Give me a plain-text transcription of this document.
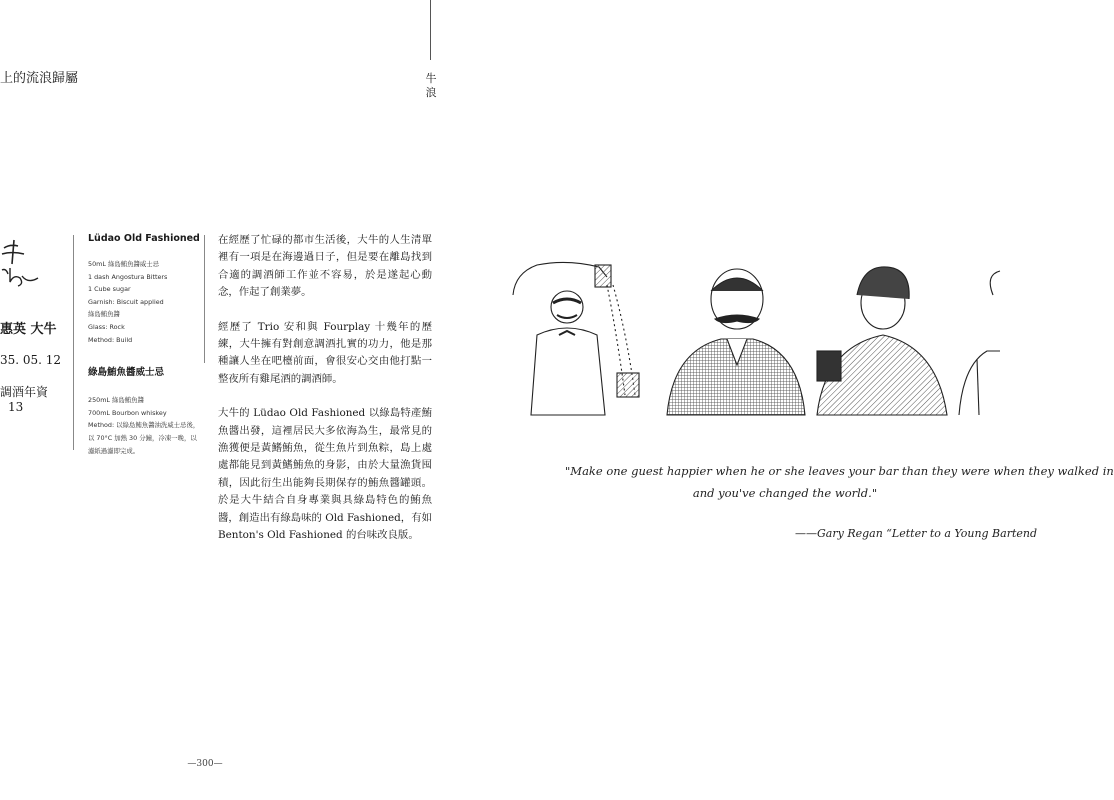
上的流浪歸屬
惠英 大牛
35. 05. 12
調酒年資
13
Lüdao Old Fashioned
50mL 綠島鮪魚醬威士忌
1 dash Angostura Bitters
1 Cube sugar
Garnish: Biscuit applied
綠島鮪魚醬
Glass: Rock
Method: Build
綠島鮪魚醬威士忌
250mL 綠島鮪魚醬
700mL Bourbon whiskey
Method: 以綠島鮪魚醬油洗威士忌後，以 70°C 加熱 30 分鐘，冷凍一晚，以濾紙過濾即完成。

在經歷了忙碌的都市生活後，大牛的人生清單裡有一項是在海邊過日子，但是要在離島找到合適的調酒師工作並不容易，於是遂起心動念，作起了創業夢。

經歷了 Trio 安和與 Fourplay 十幾年的歷練，大牛擁有對創意調酒扎實的功力，他是那種讓人坐在吧檯前面，會很安心交由他打點一整夜所有雞尾酒的調酒師。

大牛的 Lüdao Old Fashioned 以綠島特產鮪魚醬出發，這裡居民大多依海為生，最常見的漁獲便是黃鰭鮪魚，從生魚片到魚粽，島上處處都能見到黃鰭鮪魚的身影，由於大量漁貨囤積，因此衍生出能夠長期保存的鮪魚醬罐頭。於是大牛結合自身專業與具綠島特色的鮪魚醬，創造出有綠島味的 Old Fashioned，有如 Benton's Old Fashioned 的台味改良版。

—300—
牛
浪
"Make one guest happier when he or she leaves your bar than they were when they walked in
and you've changed the world."
——Gary Regan “Letter to a Young Bartend
